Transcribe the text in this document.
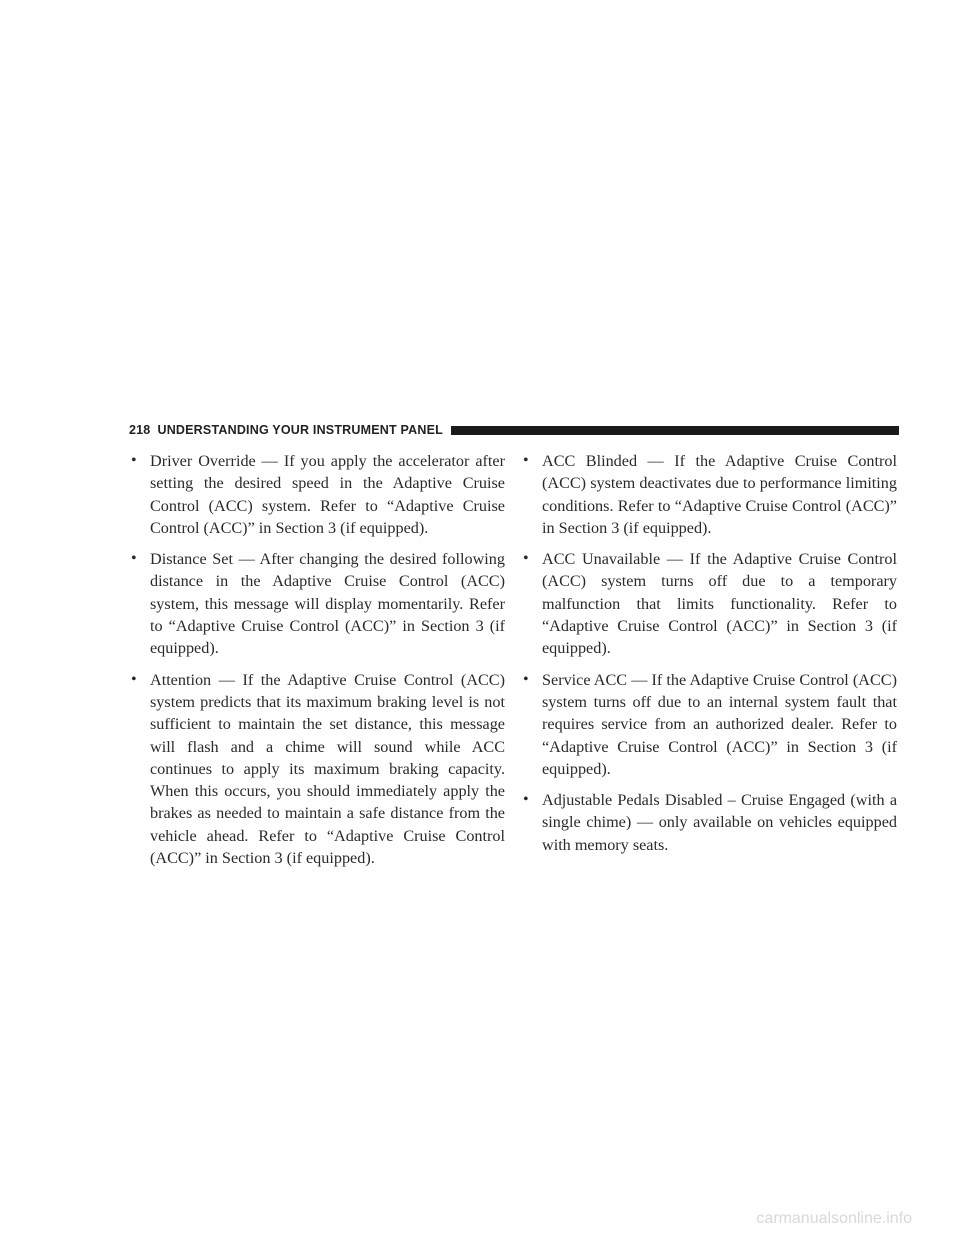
218 UNDERSTANDING YOUR INSTRUMENT PANEL
• Driver Override — If you apply the accelerator after setting the desired speed in the Adaptive Cruise Control (ACC) system. Refer to “Adaptive Cruise Control (ACC)” in Section 3 (if equipped).
• Distance Set — After changing the desired following distance in the Adaptive Cruise Control (ACC) system, this message will display momentarily. Refer to “Adaptive Cruise Control (ACC)” in Section 3 (if equipped).
• Attention — If the Adaptive Cruise Control (ACC) system predicts that its maximum braking level is not sufficient to maintain the set distance, this message will flash and a chime will sound while ACC continues to apply its maximum braking capacity. When this occurs, you should immediately apply the brakes as needed to maintain a safe distance from the vehicle ahead. Refer to “Adaptive Cruise Control (ACC)” in Section 3 (if equipped).
• ACC Blinded — If the Adaptive Cruise Control (ACC) system deactivates due to performance limiting conditions. Refer to “Adaptive Cruise Control (ACC)” in Section 3 (if equipped).
• ACC Unavailable — If the Adaptive Cruise Control (ACC) system turns off due to a temporary malfunction that limits functionality. Refer to “Adaptive Cruise Control (ACC)” in Section 3 (if equipped).
• Service ACC — If the Adaptive Cruise Control (ACC) system turns off due to an internal system fault that requires service from an authorized dealer. Refer to “Adaptive Cruise Control (ACC)” in Section 3 (if equipped).
• Adjustable Pedals Disabled – Cruise Engaged (with a single chime) — only available on vehicles equipped with memory seats.
carmanualsonline.info
